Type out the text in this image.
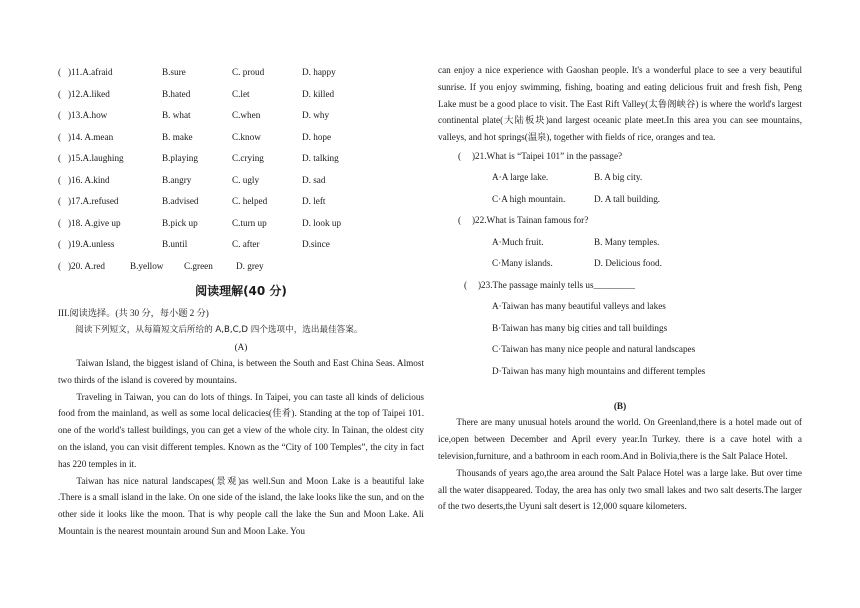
( )11.A.afraid	B.sure	C. proud	D. happy
( )12.A.liked	B.hated	C.let	D. killed
( )13.A.how	B. what	C.when	D. why
( )14. A.mean	B. make	C.know	D. hope
( )15.A.laughing	B.playing	C.crying	D. talking
( )16. A.kind	B.angry	C. ugly	D. sad
( )17.A.refused	B.advised	C. helped	D. left
( )18. A.give up	B.pick up	C.turn up	D. look up
( )19.A.unless	B.until	C. after	D.since
( )20. A.red	B.yellow C.green	D. grey
阅读理解(40 分)

III.阅读选择。(共 30 分，每小题 2 分)

阅读下列短文，从每篇短文后所给的 A,B,C,D 四个选项中，选出最佳答案。

(A)

Taiwan Island, the biggest island of China, is between the South and East China Seas. Almost two thirds of the island is covered by mountains.

Traveling in Taiwan, you can do lots of things. In Taipei, you can taste all kinds of delicious food from the mainland, as well as some local delicacies(佳肴). Standing at the top of Taipei 101. one of the world's tallest buildings, you can get a view of the whole city. In Tainan, the oldest city on the island, you can visit different temples. Known as the “City of 100 Temples”, the city in fact has 220 temples in it.

Taiwan has nice natural landscapes(景观)as well.Sun and Moon Lake is a beautiful lake .There is a small island in the lake. On one side of the island, the lake looks like the sun, and on the other side it looks like the moon. That is why people call the lake the Sun and Moon Lake. Ali Mountain is the nearest mountain around Sun and Moon Lake. You

can enjoy a nice experience with Gaoshan people. It's a wonderful place to see a very beautiful sunrise. If you enjoy swimming, fishing, boating and eating delicious fruit and fresh fish, Peng Lake must be a good place to visit. The East Rift Valley(太鲁阁峡谷) is where the world's largest continental plate(大陆板块)and largest oceanic plate meet.In this area you can see mountains, valleys, and hot springs(温泉), together with fields of rice, oranges and tea.

( )21.What is “Taipei 101” in the passage?
A·A large lake.	B. A big city.
C·A high mountain.	D. A tall building.
( )22.What is Tainan famous for?
A·Much fruit.	B. Many temples.
C·Many islands.	D. Delicious food.
( )23.The passage mainly tells us_________
A·Taiwan has many beautiful valleys and lakes
B·Taiwan has many big cities and tall buildings
C·Taiwan has many nice people and natural landscapes
D·Taiwan has many high mountains and different temples
(B)

There are many unusual hotels around the world. On Greenland,there is a hotel made out of ice,open between December and April every year.In Turkey. there is a cave hotel with a television,furniture, and a bathroom in each room.And in Bolivia,there is the Salt Palace Hotel.

Thousands of years ago,the area around the Salt Palace Hotel was a large lake. But over time all the water disappeared. Today, the area has only two small lakes and two salt deserts.The larger of the two deserts,the Uyuni salt desert is 12,000 square kilometers.
